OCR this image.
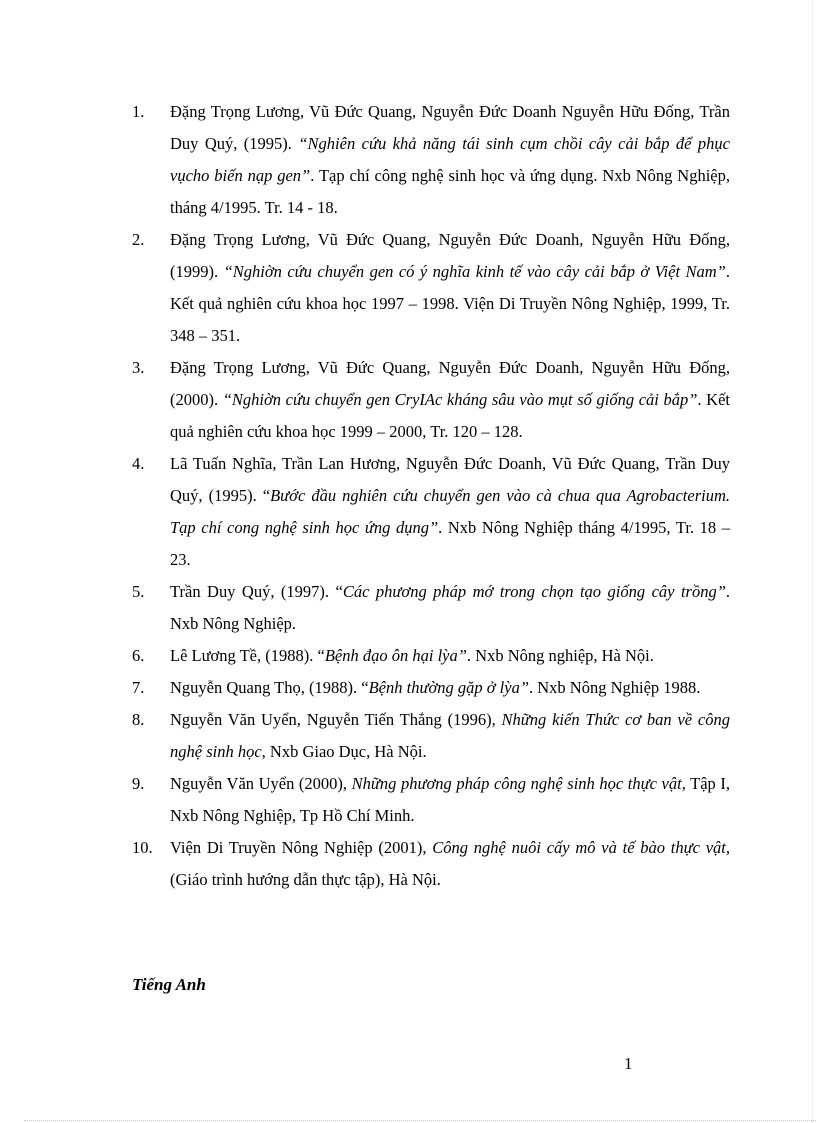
1.	Đặng Trọng Lương, Vũ Đức Quang, Nguyễn Đức Doanh Nguyễn Hữu Đống, Trần Duy Quý, (1995). “Nghiên cứu khả năng tái sinh cụm chồi cây cải bắp để phục vụcho biến nạp gen”. Tạp chí công nghệ sinh học và ứng dụng. Nxb Nông Nghiệp, tháng 4/1995. Tr. 14 - 18.
2.	Đặng Trọng Lương, Vũ Đức Quang, Nguyễn Đức Doanh, Nguyễn Hữu Đống, (1999). “Nghiờn cứu chuyển gen có ý nghĩa kinh tế vào cây cải bắp ở Việt Nam”. Kết quả nghiên cứu khoa học 1997 – 1998. Viện Di Truyền Nông Nghiệp, 1999, Tr. 348 – 351.
3.	Đặng Trọng Lương, Vũ Đức Quang, Nguyễn Đức Doanh, Nguyễn Hữu Đống, (2000). “Nghiờn cứu chuyển gen CryIAc kháng sâu vào mụt số giống cải bắp”. Kết quả nghiên cứu khoa học 1999 – 2000, Tr. 120 – 128.
4.	Lã Tuấn Nghĩa, Trần Lan Hương, Nguyễn Đức Doanh, Vũ Đức Quang, Trần Duy Quý, (1995). “Bước đầu nghiên cứu chuyển gen vào cà chua qua Agrobacterium. Tạp chí cong nghệ sinh học ứng dụng”. Nxb Nông Nghiệp tháng 4/1995, Tr. 18 – 23.
5.	Trần Duy Quý, (1997). “Các phương pháp mớ trong chọn tạo giống cây trồng”. Nxb Nông Nghiệp.
6.	Lê Lương Tề, (1988). “Bệnh đạo ôn hại lỳa”. Nxb Nông nghiệp, Hà Nội.
7.	Nguyễn Quang Thọ, (1988). “Bệnh thường gặp ở lỳa”. Nxb Nông Nghiệp 1988.
8.	Nguyễn Văn Uyển, Nguyễn Tiến Thắng (1996), Những kiến Thức cơ ban về công nghệ sinh học, Nxb Giao Dục, Hà Nội.
9.	Nguyễn Văn Uyển (2000), Những phương pháp công nghệ sinh học thực vật, Tập I, Nxb Nông Nghiệp, Tp Hồ Chí Minh.
10.	Viện Di Truyền Nông Nghiệp (2001), Công nghệ nuôi cấy mô và tế bào thực vật, (Giáo trình hướng dẫn thực tập), Hà Nội.
Tiếng Anh
1
